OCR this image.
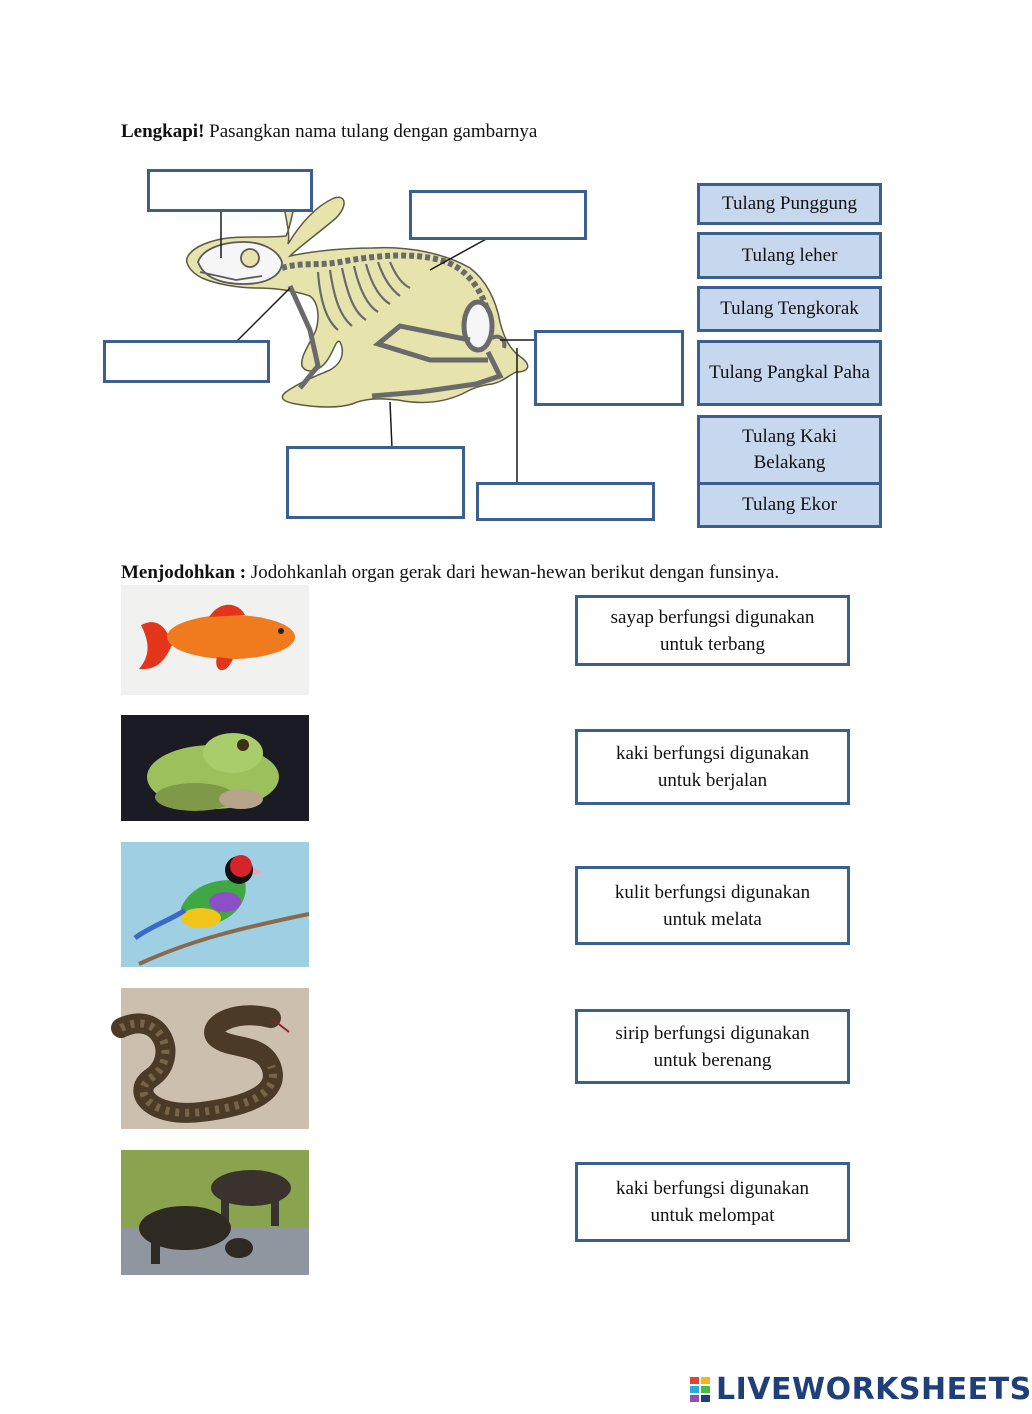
Lengkapi! Pasangkan nama tulang dengan gambarnya
Tulang Punggung
Tulang leher
Tulang Tengkorak
Tulang Pangkal Paha
Tulang Kaki Belakang
Tulang Ekor
Menjodohkan : Jodohkanlah organ gerak dari hewan-hewan berikut dengan funsinya.
sayap berfungsi digunakan untuk terbang
kaki berfungsi digunakan untuk berjalan
kulit berfungsi digunakan untuk melata
sirip berfungsi digunakan untuk berenang
kaki berfungsi digunakan untuk melompat
LIVEWORKSHEETS
